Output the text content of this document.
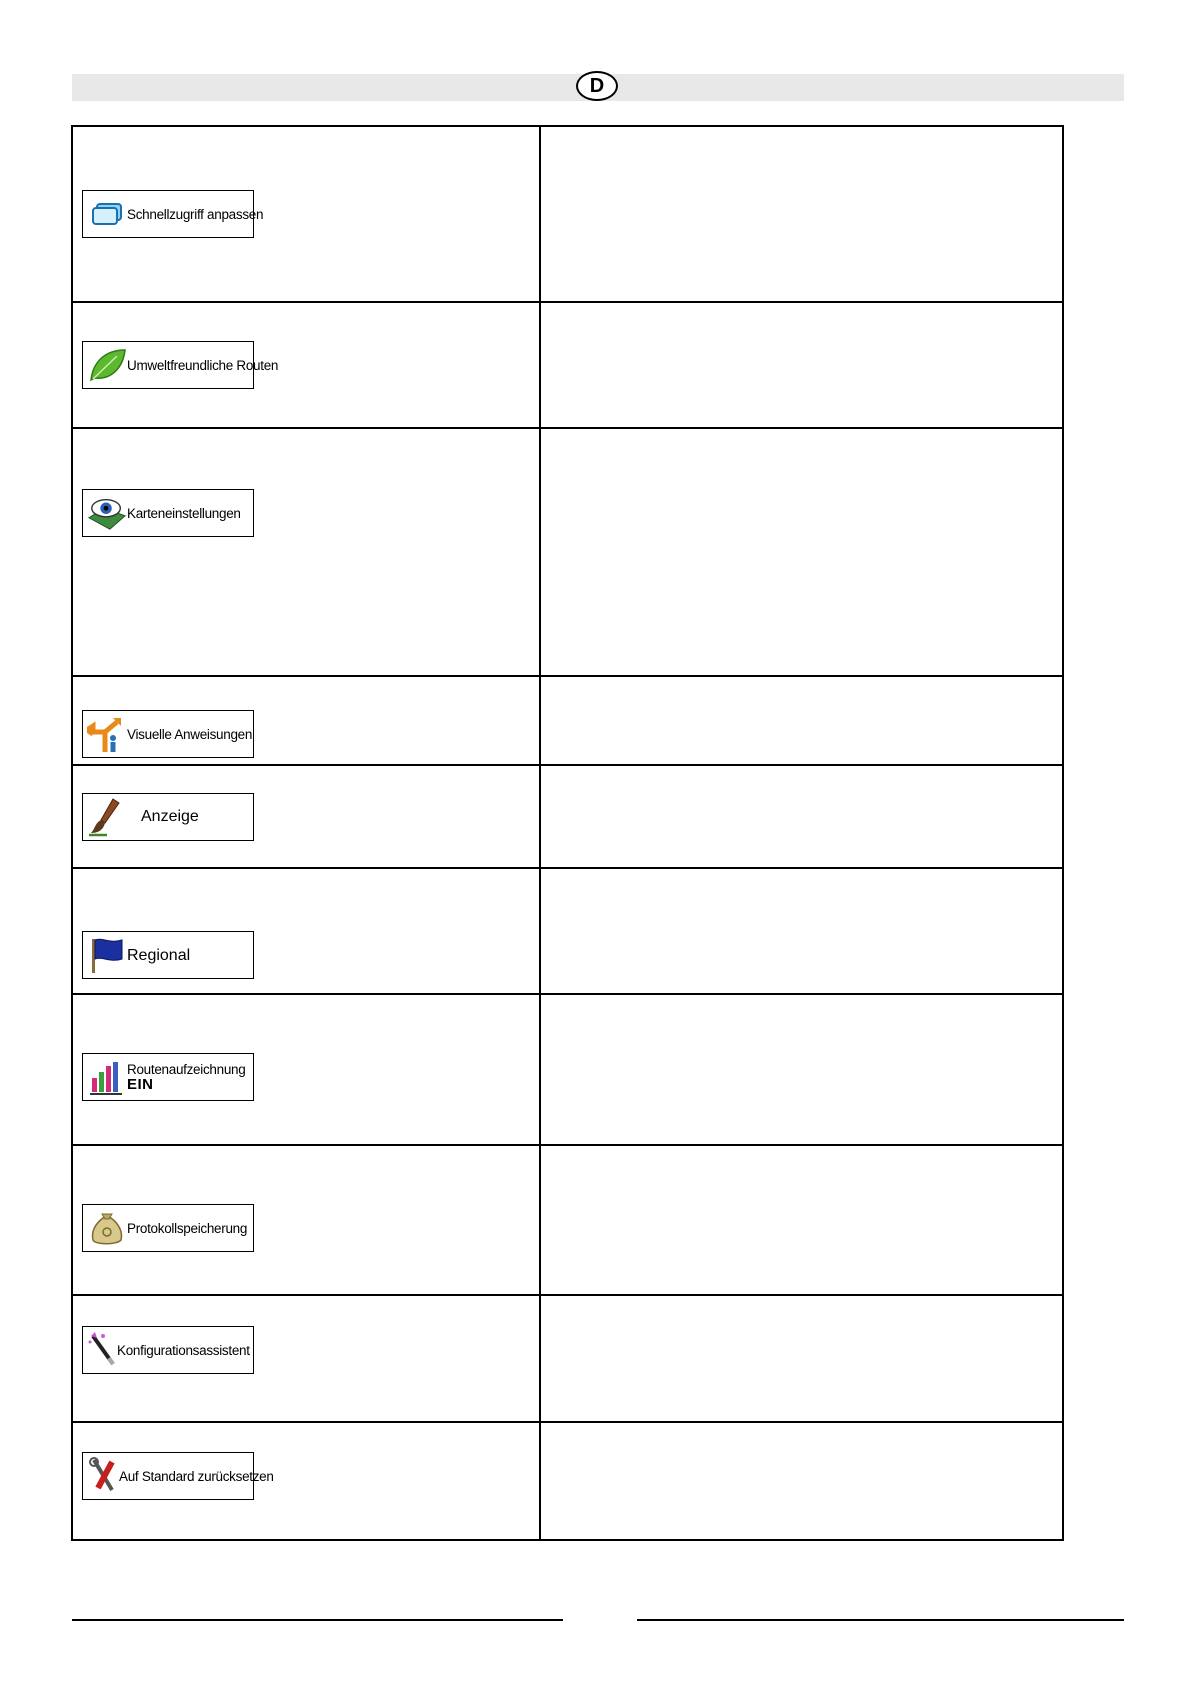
D
Schnellzugriff anpassen	

Umweltfreundliche Routen	

Karteneinstellungen	

Visuelle Anweisungen	

Anzeige	

Regional	

Routenaufzeichnung
EIN	

Protokollspeicherung	

Konfigurationsassistent	

Auf Standard zurücksetzen	
